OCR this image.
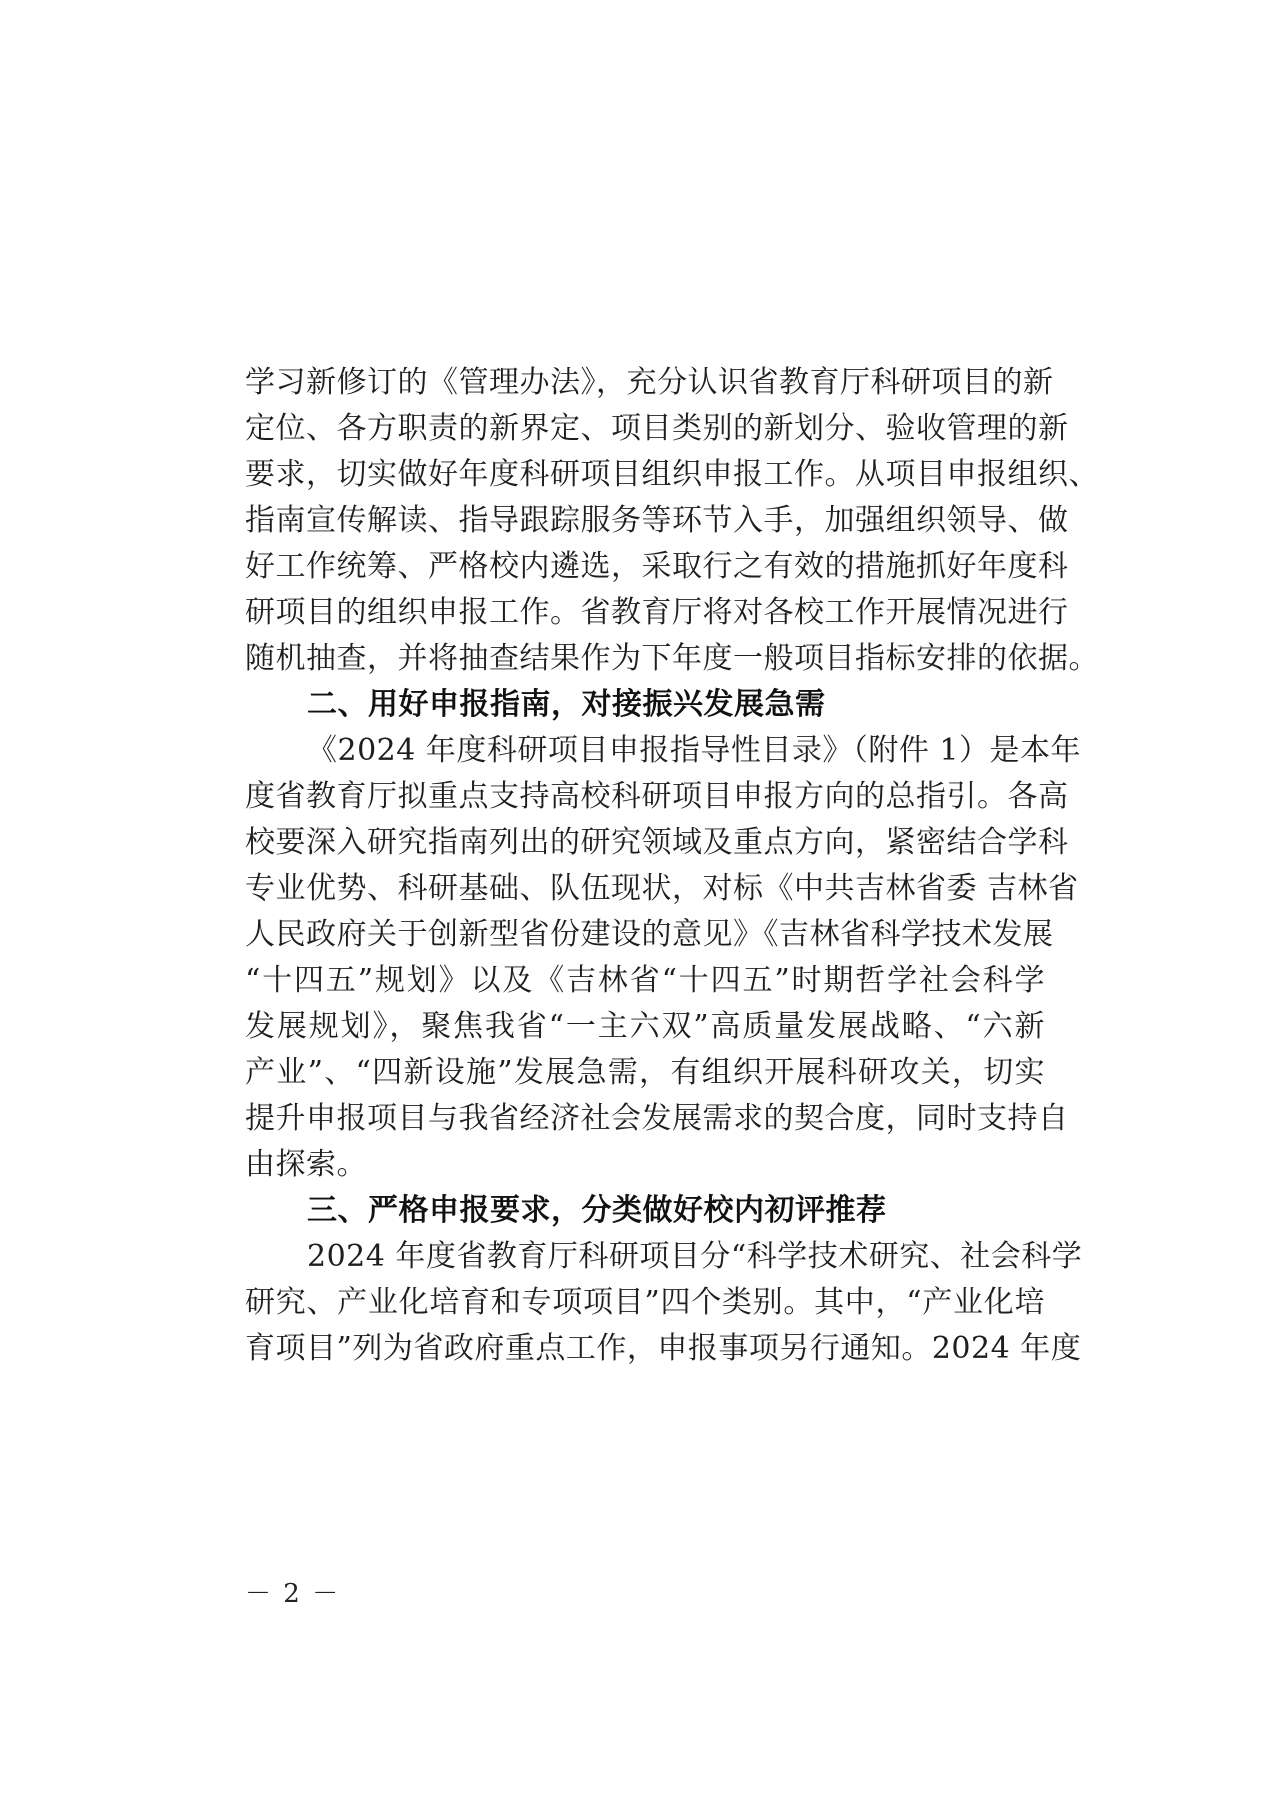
学习新修订的《管理办法》，充分认识省教育厅科研项目的新
定位、各方职责的新界定、项目类别的新划分、验收管理的新
要求，切实做好年度科研项目组织申报工作。从项目申报组织、
指南宣传解读、指导跟踪服务等环节入手，加强组织领导、做
好工作统筹、严格校内遴选，采取行之有效的措施抓好年度科
研项目的组织申报工作。省教育厅将对各校工作开展情况进行
随机抽查，并将抽查结果作为下年度一般项目指标安排的依据。
二、用好申报指南，对接振兴发展急需
《2024 年度科研项目申报指导性目录》（附件 1）是本年
度省教育厅拟重点支持高校科研项目申报方向的总指引。各高
校要深入研究指南列出的研究领域及重点方向，紧密结合学科
专业优势、科研基础、队伍现状，对标《中共吉林省委 吉林省
人民政府关于创新型省份建设的意见》《吉林省科学技术发展
“十四五”规划》以及《吉林省“十四五”时期哲学社会科学
发展规划》，聚焦我省“一主六双”高质量发展战略、“六新
产业”、“四新设施”发展急需，有组织开展科研攻关，切实
提升申报项目与我省经济社会发展需求的契合度，同时支持自
由探索。
三、严格申报要求，分类做好校内初评推荐
2024 年度省教育厅科研项目分“科学技术研究、社会科学
研究、产业化培育和专项项目”四个类别。其中，“产业化培
育项目”列为省政府重点工作，申报事项另行通知。2024 年度
－ 2 －
